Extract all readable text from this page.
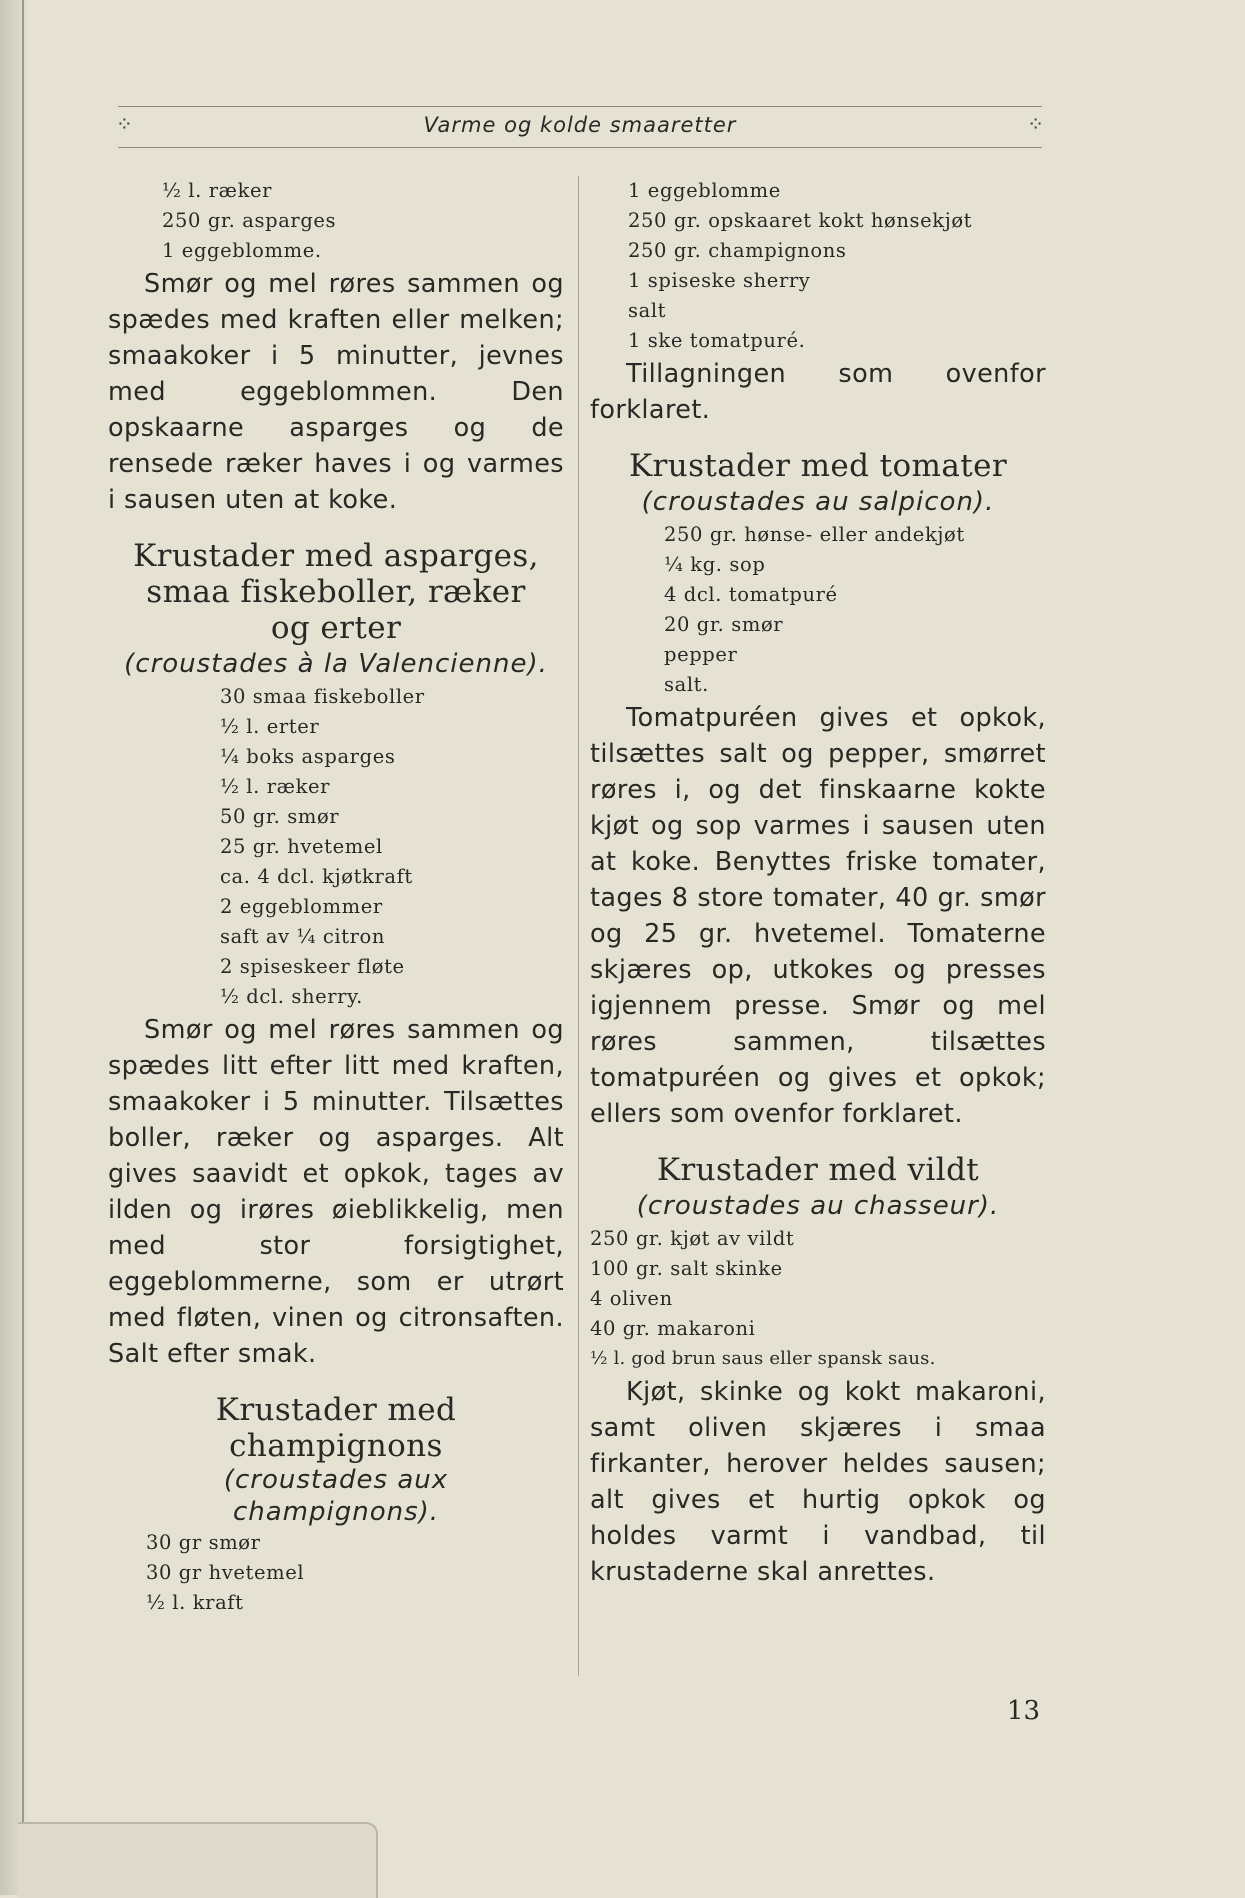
⁘	Varme og kolde smaaretter	⁘

½ l. ræker

250 gr. asparges

1 eggeblomme.

Smør og mel røres sammen og spædes med kraften eller melken; smaakoker i 5 minutter, jevnes med eggeblommen. Den opskaarne asparges og de rensede ræker haves i og varmes i sausen uten at koke.

Krustader med asparges, smaa fiskeboller, ræker og erter

(croustades à la Valencienne).

30 smaa fiskeboller

½ l. erter

¼ boks asparges

½ l. ræker

50 gr. smør

25 gr. hvetemel

ca. 4 dcl. kjøtkraft

2 eggeblommer

saft av ¼ citron

2 spiseskeer fløte

½ dcl. sherry.

Smør og mel røres sammen og spædes litt efter litt med kraften, smaakoker i 5 minutter. Tilsættes boller, ræker og asparges. Alt gives saavidt et opkok, tages av ilden og irøres øieblikkelig, men med stor forsigtighet, eggeblommerne, som er utrørt med fløten, vinen og citronsaften. Salt efter smak.

Krustader med champignons

(croustades aux champignons).

30 gr smør

30 gr hvetemel

½ l. kraft

1 eggeblomme

250 gr. opskaaret kokt hønsekjøt

250 gr. champignons

1 spiseske sherry

salt

1 ske tomatpuré.

Tillagningen som ovenfor forklaret.

Krustader med tomater

(croustades au salpicon).

250 gr. hønse- eller andekjøt

¼ kg. sop

4 dcl. tomatpuré

20 gr. smør

pepper

salt.

Tomatpuréen gives et opkok, tilsættes salt og pepper, smørret røres i, og det finskaarne kokte kjøt og sop varmes i sausen uten at koke. Benyttes friske tomater, tages 8 store tomater, 40 gr. smør og 25 gr. hvetemel. Tomaterne skjæres op, utkokes og presses igjennem presse. Smør og mel røres sammen, tilsættes tomatpuréen og gives et opkok; ellers som ovenfor forklaret.

Krustader med vildt

(croustades au chasseur).

250 gr. kjøt av vildt

100 gr. salt skinke

4 oliven

40 gr. makaroni

½ l. god brun saus eller spansk saus.

Kjøt, skinke og kokt makaroni, samt oliven skjæres i smaa firkanter, herover heldes sausen; alt gives et hurtig opkok og holdes varmt i vandbad, til krustaderne skal anrettes.

13
